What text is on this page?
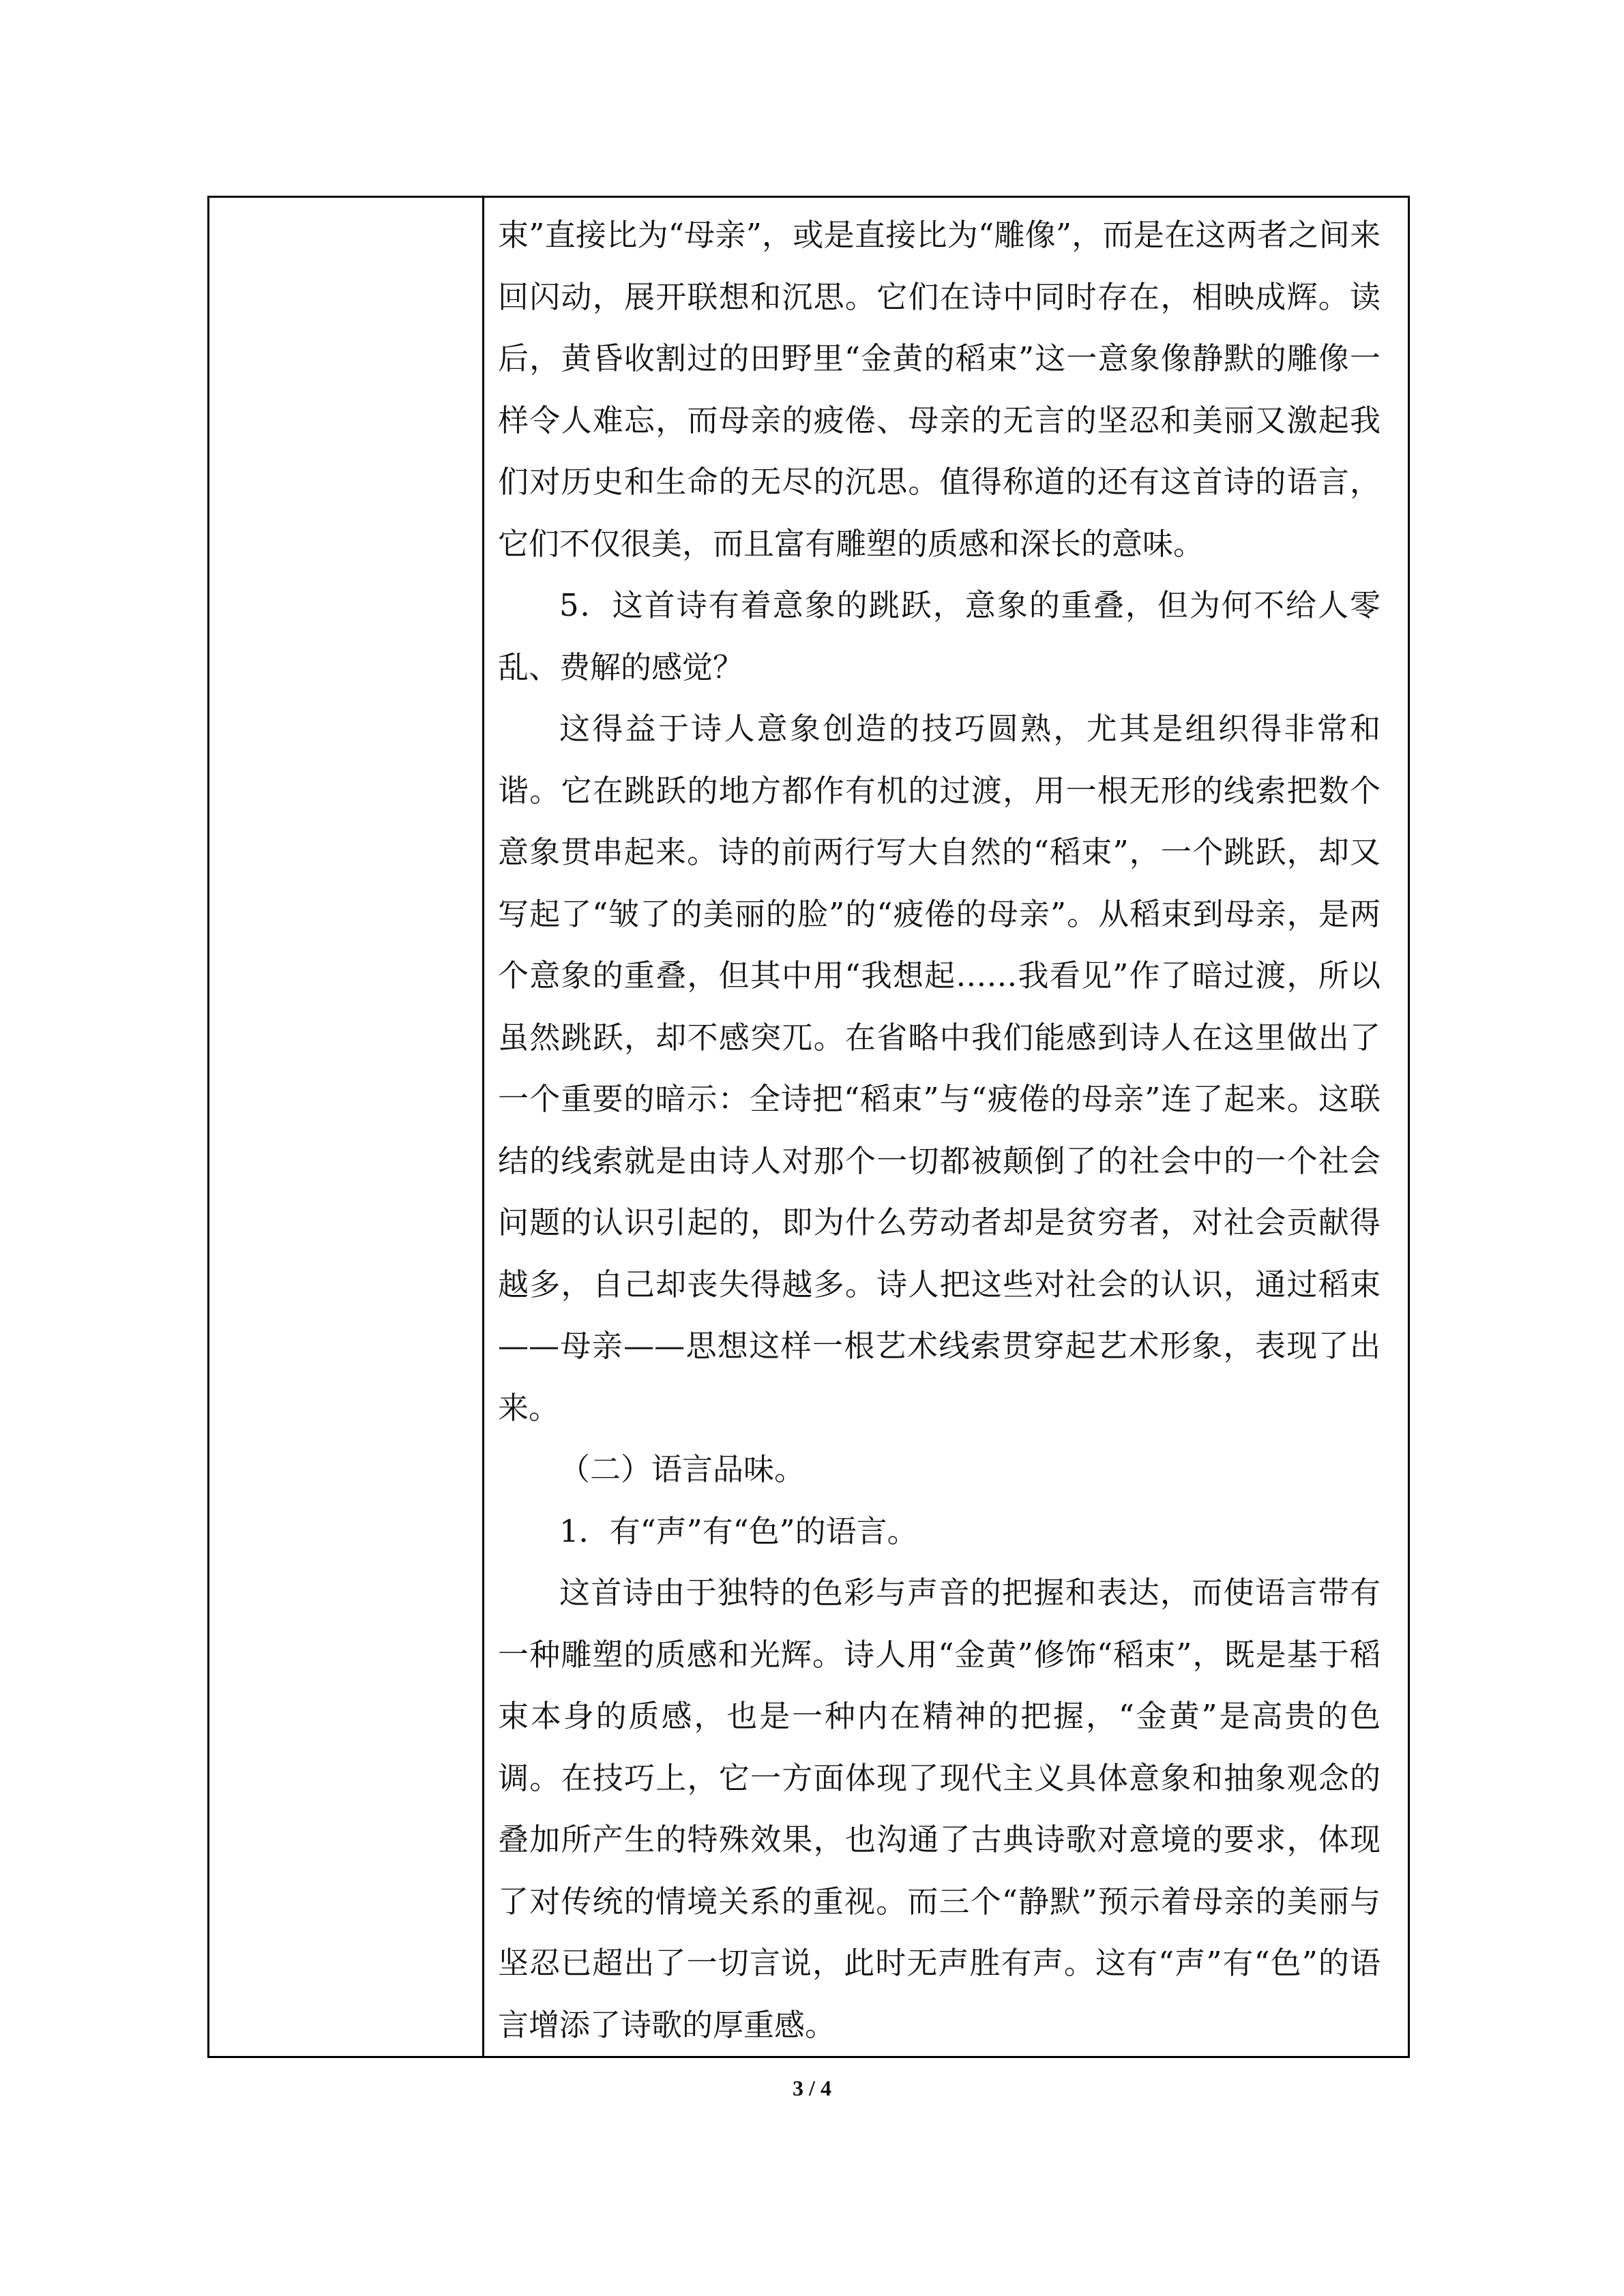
束”直接比为“母亲”，或是直接比为“雕像”，而是在这两者之间来回闪动，展开联想和沉思。它们在诗中同时存在，相映成辉。读后，黄昏收割过的田野里“金黄的稻束”这一意象像静默的雕像一样令人难忘，而母亲的疲倦、母亲的无言的坚忍和美丽又激起我们对历史和生命的无尽的沉思。值得称道的还有这首诗的语言，它们不仅很美，而且富有雕塑的质感和深长的意味。

5．这首诗有着意象的跳跃，意象的重叠，但为何不给人零乱、费解的感觉？

这得益于诗人意象创造的技巧圆熟，尤其是组织得非常和谐。它在跳跃的地方都作有机的过渡，用一根无形的线索把数个意象贯串起来。诗的前两行写大自然的“稻束”，一个跳跃，却又写起了“皱了的美丽的脸”的“疲倦的母亲”。从稻束到母亲，是两个意象的重叠，但其中用“我想起……我看见”作了暗过渡，所以虽然跳跃，却不感突兀。在省略中我们能感到诗人在这里做出了一个重要的暗示：全诗把“稻束”与“疲倦的母亲”连了起来。这联结的线索就是由诗人对那个一切都被颠倒了的社会中的一个社会问题的认识引起的，即为什么劳动者却是贫穷者，对社会贡献得越多，自己却丧失得越多。诗人把这些对社会的认识，通过稻束——母亲——思想这样一根艺术线索贯穿起艺术形象，表现了出来。

（二）语言品味。

1．有“声”有“色”的语言。

这首诗由于独特的色彩与声音的把握和表达，而使语言带有一种雕塑的质感和光辉。诗人用“金黄”修饰“稻束”，既是基于稻束本身的质感，也是一种内在精神的把握，“金黄”是高贵的色调。在技巧上，它一方面体现了现代主义具体意象和抽象观念的叠加所产生的特殊效果，也沟通了古典诗歌对意境的要求，体现了对传统的情境关系的重视。而三个“静默”预示着母亲的美丽与坚忍已超出了一切言说，此时无声胜有声。这有“声”有“色”的语言增添了诗歌的厚重感。

3 / 4
